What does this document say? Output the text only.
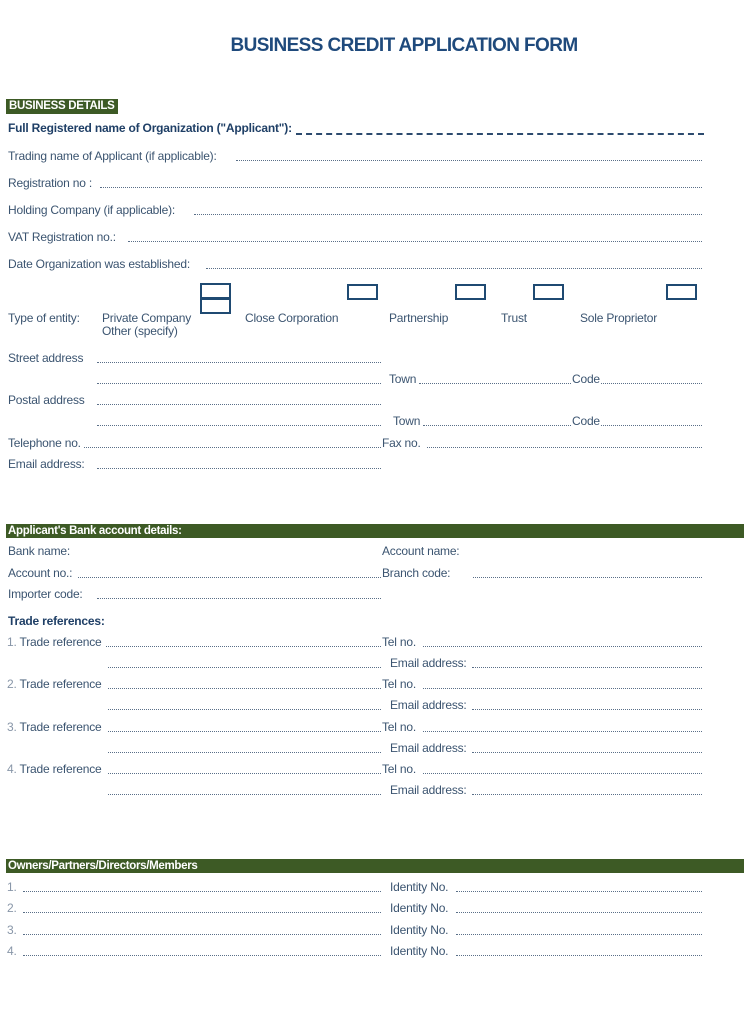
BUSINESS CREDIT APPLICATION FORM
BUSINESS DETAILS
Full Registered name of Organization ("Applicant"):
Trading name of Applicant (if applicable):
Registration no :
Holding Company (if applicable):
VAT Registration no.:
Date Organization was established:
Type of entity: Private Company
Other (specify)
Close Corporation	Partnership	Trust	Sole Proprietor
Street address
Town	Code
Postal address
Town	Code
Telephone no.	Fax no.
Email address:
Applicant's Bank account details:
Bank name:	Account name:
Account no.:	Branch code:
Importer code:
Trade references:
1. Trade reference	Tel no.
Email address:
2. Trade reference	Tel no.
Email address:
3. Trade reference	Tel no.
Email address:
4. Trade reference	Tel no.
Email address:
Owners/Partners/Directors/Members
1.	Identity No.
2.	Identity No.
3.	Identity No.
4.	Identity No.
